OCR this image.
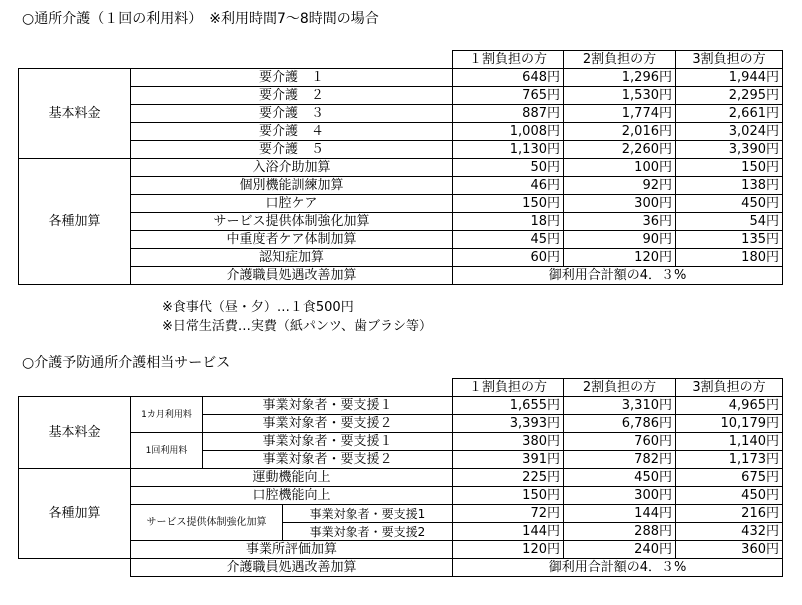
○通所介護（１回の利用料）　※利用時間7～8時間の場合
		１割負担の方	2割負担の方	3割負担の方
基本料金	要介護　１	648円	1,296円	1,944円
	要介護　２	765円	1,530円	2,295円
	要介護　３	887円	1,774円	2,661円
	要介護　４	1,008円	2,016円	3,024円
	要介護　５	1,130円	2,260円	3,390円
各種加算	入浴介助加算	50円	100円	150円
	個別機能訓練加算	46円	92円	138円
	口腔ケア	150円	300円	450円
	サービス提供体制強化加算	18円	36円	54円
	中重度者ケア体制加算	45円	90円	135円
	認知症加算	60円	120円	180円
	介護職員処遇改善加算	御利用合計額の4．３%		
※食事代（昼・夕）…１食500円
※日常生活費…実費（紙パンツ、歯ブラシ等）
○介護予防通所介護相当サービス
				１割負担の方	2割負担の方	3割負担の方
基本料金	1カ月利用料	事業対象者・要支援１		1,655円	3,310円	4,965円
		事業対象者・要支援２		3,393円	6,786円	10,179円
	1回利用料	事業対象者・要支援１		380円	760円	1,140円
		事業対象者・要支援２		391円	782円	1,173円
各種加算	運動機能向上			225円	450円	675円
	口腔機能向上			150円	300円	450円
	サービス提供体制強化加算		事業対象者・要支援1	72円	144円	216円
			事業対象者・要支援2	144円	288円	432円
	事業所評価加算			120円	240円	360円
	介護職員処遇改善加算			御利用合計額の4．３%		
